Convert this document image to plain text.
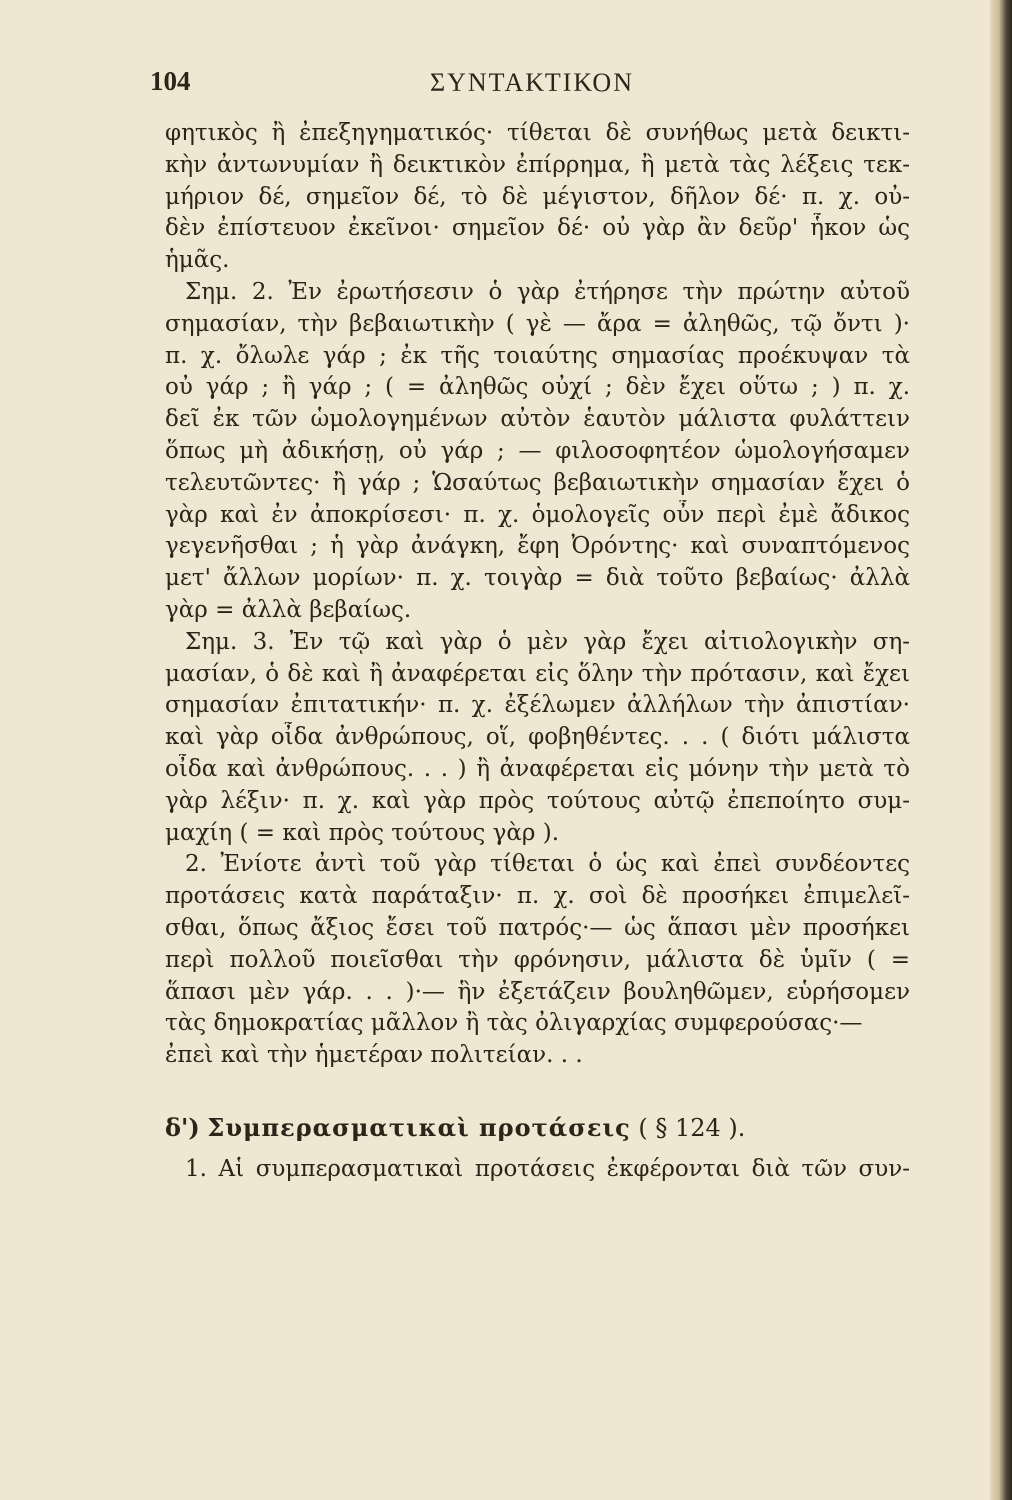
104	ΣΥΝΤΑΚΤΙΚΟΝ
φητικὸς ἢ ἐπεξηγηματικός· τίθεται δὲ συνήθως μετὰ δεικτι-
κὴν ἀντωνυμίαν ἢ δεικτικὸν ἐπίρρημα, ἢ μετὰ τὰς λέξεις τεκ-
μήριον δέ, σημεῖον δέ, τὸ δὲ μέγιστον, δῆλον δέ· π. χ. οὐ-
δὲν ἐπίστευον ἐκεῖνοι· σημεῖον δέ· οὐ γὰρ ἂν δεῦρ' ἧκον ὡς
ἡμᾶς.
Σημ. 2. Ἐν ἐρωτήσεσιν ὁ γὰρ ἐτήρησε τὴν πρώτην αὐτοῦ
σημασίαν, τὴν βεβαιωτικὴν ( γὲ — ἄρα = ἀληθῶς, τῷ ὄντι )·
π. χ. ὄλωλε γάρ ; ἐκ τῆς τοιαύτης σημασίας προέκυψαν τὰ
οὐ γάρ ; ἢ γάρ ; ( = ἀληθῶς οὐχί ; δὲν ἔχει οὕτω ; ) π. χ.
δεῖ ἐκ τῶν ὡμολογημένων αὐτὸν ἑαυτὸν μάλιστα φυλάττειν
ὅπως μὴ ἀδικήσῃ, οὐ γάρ ; — φιλοσοφητέον ὡμολογήσαμεν
τελευτῶντες· ἢ γάρ ; Ὡσαύτως βεβαιωτικὴν σημασίαν ἔχει ὁ
γὰρ καὶ ἐν ἀποκρίσεσι· π. χ. ὁμολογεῖς οὖν περὶ ἐμὲ ἄδικος
γεγενῆσθαι ; ἡ γὰρ ἀνάγκη, ἔφη Ὀρόντης· καὶ συναπτόμενος
μετ' ἄλλων μορίων· π. χ. τοιγὰρ = διὰ τοῦτο βεβαίως· ἀλλὰ
γὰρ = ἀλλὰ βεβαίως.
Σημ. 3. Ἐν τῷ καὶ γὰρ ὁ μὲν γὰρ ἔχει αἰτιολογικὴν ση-
μασίαν, ὁ δὲ καὶ ἢ ἀναφέρεται εἰς ὅλην τὴν πρότασιν, καὶ ἔχει
σημασίαν ἐπιτατικήν· π. χ. ἐξέλωμεν ἀλλήλων τὴν ἀπιστίαν·
καὶ γὰρ οἶδα ἀνθρώπους, οἵ, φοβηθέντες. . . ( διότι μάλιστα
οἶδα καὶ ἀνθρώπους. . . ) ἢ ἀναφέρεται εἰς μόνην τὴν μετὰ τὸ
γὰρ λέξιν· π. χ. καὶ γὰρ πρὸς τούτους αὐτῷ ἐπεποίητο συμ-
μαχίη ( = καὶ πρὸς τούτους γὰρ ).
2. Ἐνίοτε ἀντὶ τοῦ γὰρ τίθεται ὁ ὡς καὶ ἐπεὶ συνδέοντες
προτάσεις κατὰ παράταξιν· π. χ. σοὶ δὲ προσήκει ἐπιμελεῖ-
σθαι, ὅπως ἄξιος ἔσει τοῦ πατρός·— ὡς ἅπασι μὲν προσήκει
περὶ πολλοῦ ποιεῖσθαι τὴν φρόνησιν, μάλιστα δὲ ὑμῖν ( =
ἅπασι μὲν γάρ. . . )·— ἣν ἐξετάζειν βουληθῶμεν, εὑρήσομεν
τὰς δημοκρατίας μᾶλλον ἢ τὰς ὀλιγαρχίας συμφερούσας·—
ἐπεὶ καὶ τὴν ἡμετέραν πολιτείαν. . .
δ') Συμπερασματικαὶ προτάσεις ( § 124 ).
1. Αἱ συμπερασματικαὶ προτάσεις ἐκφέρονται διὰ τῶν συν-
